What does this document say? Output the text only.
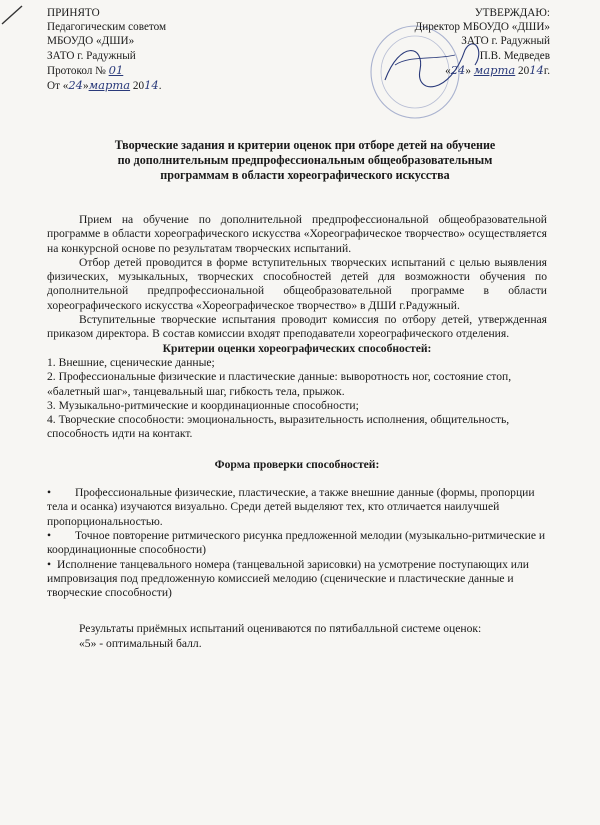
ПРИНЯТО
Педагогическим советом
МБОУДО «ДШИ»
ЗАТО г. Радужный
Протокол № 01
От «24»марта 2014.
УТВЕРЖДАЮ:
Директор МБОУДО «ДШИ»
ЗАТО г. Радужный
П.В. Медведев
«24» марта 2014г.
Творческие задания и критерии оценок при отборе детей на обучение
по дополнительным предпрофессиональным общеобразовательным
программам в области хореографического искусства

Прием на обучение по дополнительной предпрофессиональной общеобразовательной программе в области хореографического искусства «Хореографическое творчество» осуществляется на конкурсной основе по результатам творческих испытаний.

Отбор детей проводится в форме вступительных творческих испытаний с целью выявления физических, музыкальных, творческих способностей детей для возможности обучения по дополнительной предпрофессиональной общеобразовательной программе в области хореографического искусства «Хореографическое творчество» в ДШИ г.Радужный.

Вступительные творческие испытания проводит комиссия по отбору детей, утвержденная приказом директора. В состав комиссии входят преподаватели хореографического отделения.

Критерии оценки хореографических способностей:

1. Внешние, сценические данные;

2. Профессиональные физические и пластические данные: выворотность ног, состояние стоп, «балетный шаг», танцевальный шаг, гибкость тела, прыжок.

3. Музыкально-ритмические и координационные способности;

4. Творческие способности: эмоциональность, выразительность исполнения, общительность, способность идти на контакт.

Форма проверки способностей:

• Профессиональные физические, пластические, а также внешние данные (формы, пропорции тела и осанка) изучаются визуально. Среди детей выделяют тех, кто отличается наилучшей пропорциональностью.

• Точное повторение ритмического рисунка предложенной мелодии (музыкально-ритмические и координационные способности)

• Исполнение танцевального номера (танцевальной зарисовки) на усмотрение поступающих или импровизация под предложенную комиссией мелодию (сценические и пластические данные и творческие способности)

Результаты приёмных испытаний оцениваются по пятибалльной системе оценок:

«5» - оптимальный балл.
